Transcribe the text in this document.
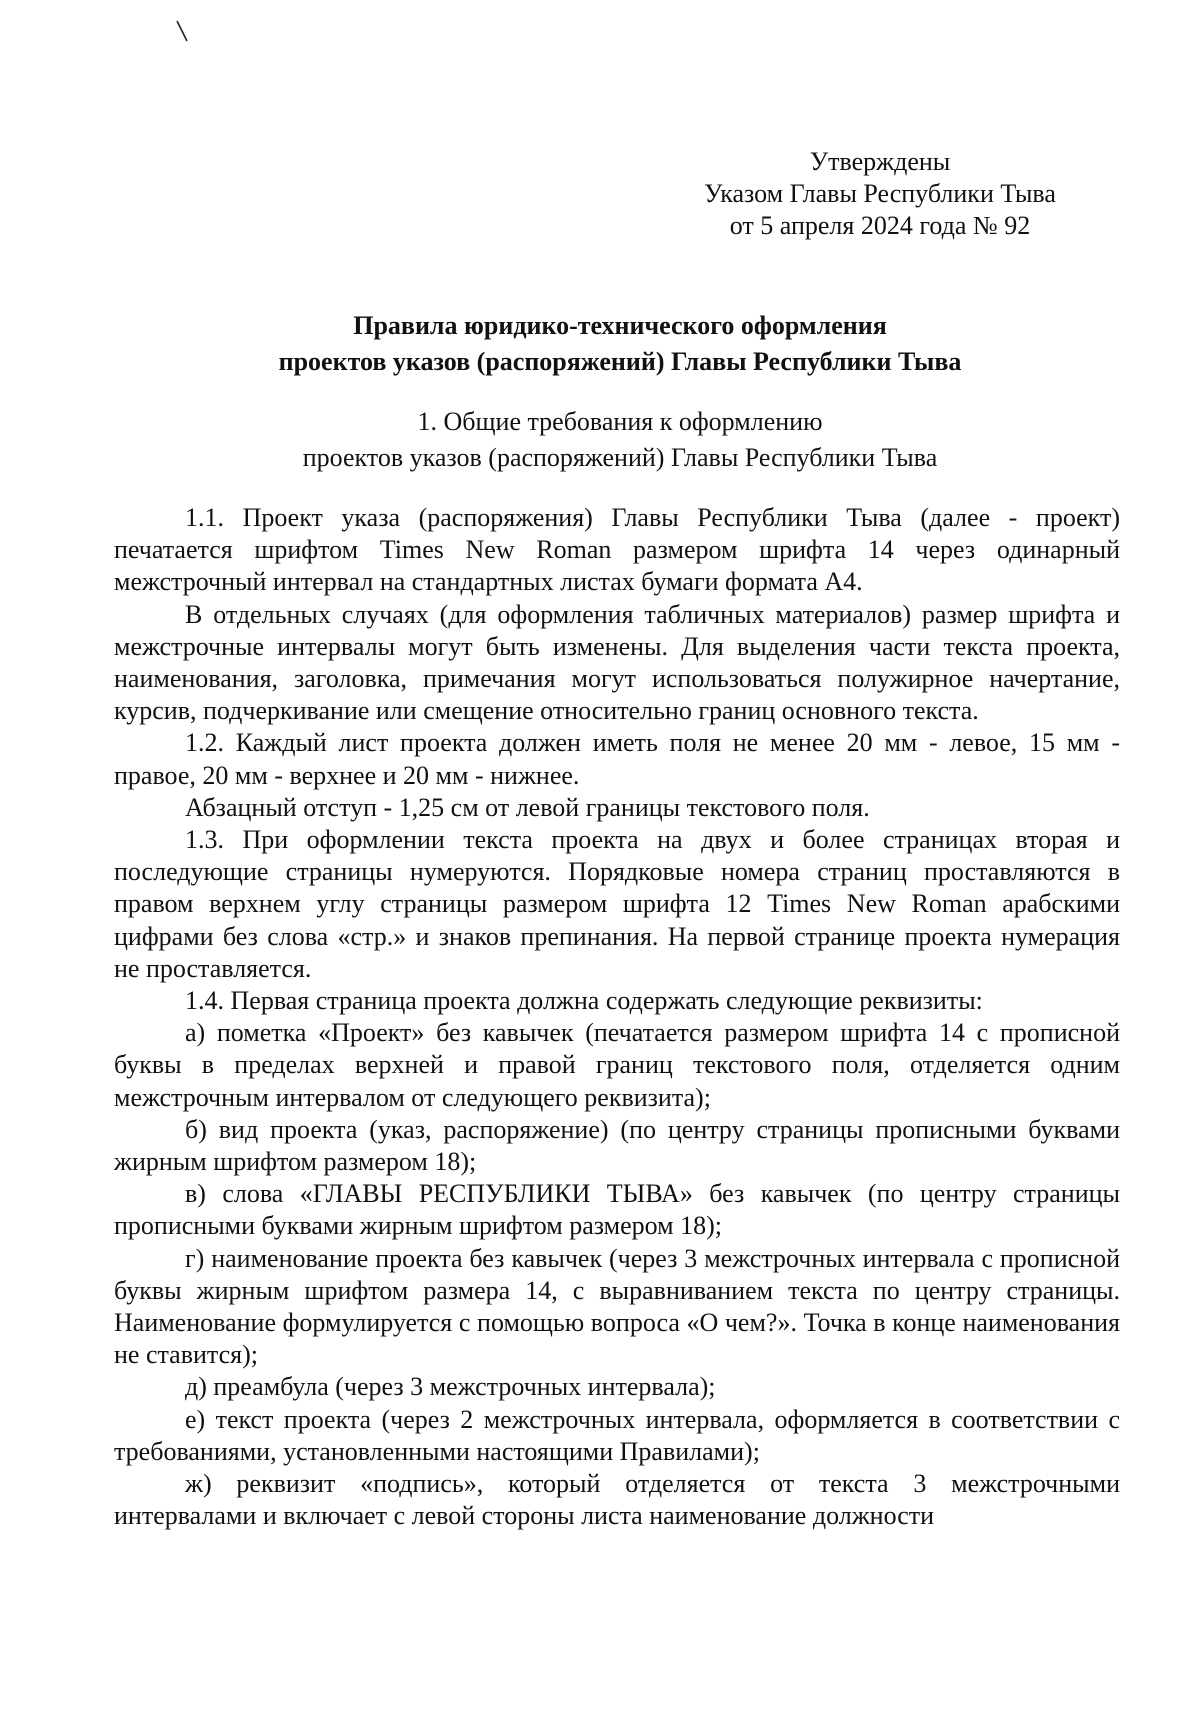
Утверждены
Указом Главы Республики Тыва
от 5 апреля 2024 года № 92
Правила юридико-технического оформления
проектов указов (распоряжений) Главы Республики Тыва
1. Общие требования к оформлению
проектов указов (распоряжений) Главы Республики Тыва

1.1. Проект указа (распоряжения) Главы Республики Тыва (далее - проект) печатается шрифтом Times New Roman размером шрифта 14 через одинарный межстрочный интервал на стандартных листах бумаги формата А4.

В отдельных случаях (для оформления табличных материалов) размер шрифта и межстрочные интервалы могут быть изменены. Для выделения части текста проекта, наименования, заголовка, примечания могут использоваться полужирное начертание, курсив, подчеркивание или смещение относительно границ основного текста.

1.2. Каждый лист проекта должен иметь поля не менее 20 мм - левое, 15 мм - правое, 20 мм - верхнее и 20 мм - нижнее.

Абзацный отступ - 1,25 см от левой границы текстового поля.

1.3. При оформлении текста проекта на двух и более страницах вторая и последующие страницы нумеруются. Порядковые номера страниц проставляются в правом верхнем углу страницы размером шрифта 12 Times New Roman арабскими цифрами без слова «стр.» и знаков препинания. На первой странице проекта нумерация не проставляется.

1.4. Первая страница проекта должна содержать следующие реквизиты:

а) пометка «Проект» без кавычек (печатается размером шрифта 14 с прописной буквы в пределах верхней и правой границ текстового поля, отделяется одним межстрочным интервалом от следующего реквизита);

б) вид проекта (указ, распоряжение) (по центру страницы прописными буквами жирным шрифтом размером 18);

в) слова «ГЛАВЫ РЕСПУБЛИКИ ТЫВА» без кавычек (по центру страницы прописными буквами жирным шрифтом размером 18);

г) наименование проекта без кавычек (через 3 межстрочных интервала с прописной буквы жирным шрифтом размера 14, с выравниванием текста по центру страницы. Наименование формулируется с помощью вопроса «О чем?». Точка в конце наименования не ставится);

д) преамбула (через 3 межстрочных интервала);

е) текст проекта (через 2 межстрочных интервала, оформляется в соответствии с требованиями, установленными настоящими Правилами);

ж) реквизит «подпись», который отделяется от текста 3 межстрочными интервалами и включает с левой стороны листа наименование должности
